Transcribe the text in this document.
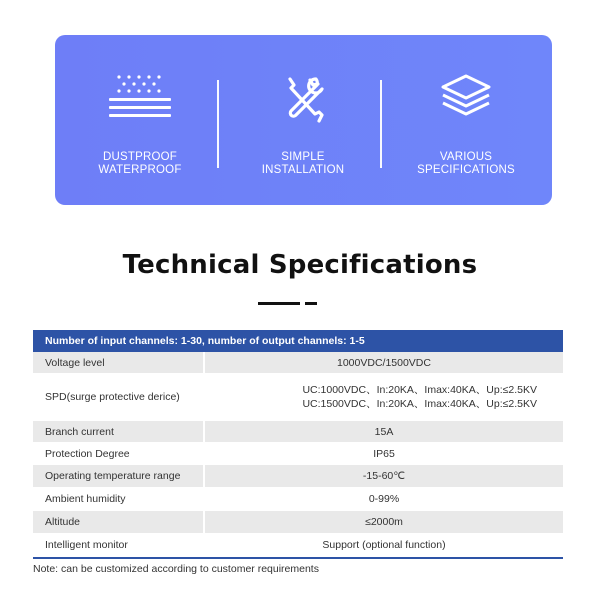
DUSTPROOF
WATERPROOF
SIMPLE
INSTALLATION
VARIOUS
SPECIFICATIONS
Technical Specifications
Number of input channels: 1-30, number of output channels: 1-5
Voltage level	1000VDC/1500VDC
SPD(surge protective derice)
UC:1000VDC、In:20KA、Imax:40KA、Up:≤2.5KV
UC:1500VDC、In:20KA、Imax:40KA、Up:≤2.5KV
Branch current	15A
Protection Degree	IP65
Operating temperature range	-15-60℃
Ambient humidity	0-99%
Altitude	≤2000m
Intelligent monitor	Support (optional function)
Note: can be customized according to customer requirements
